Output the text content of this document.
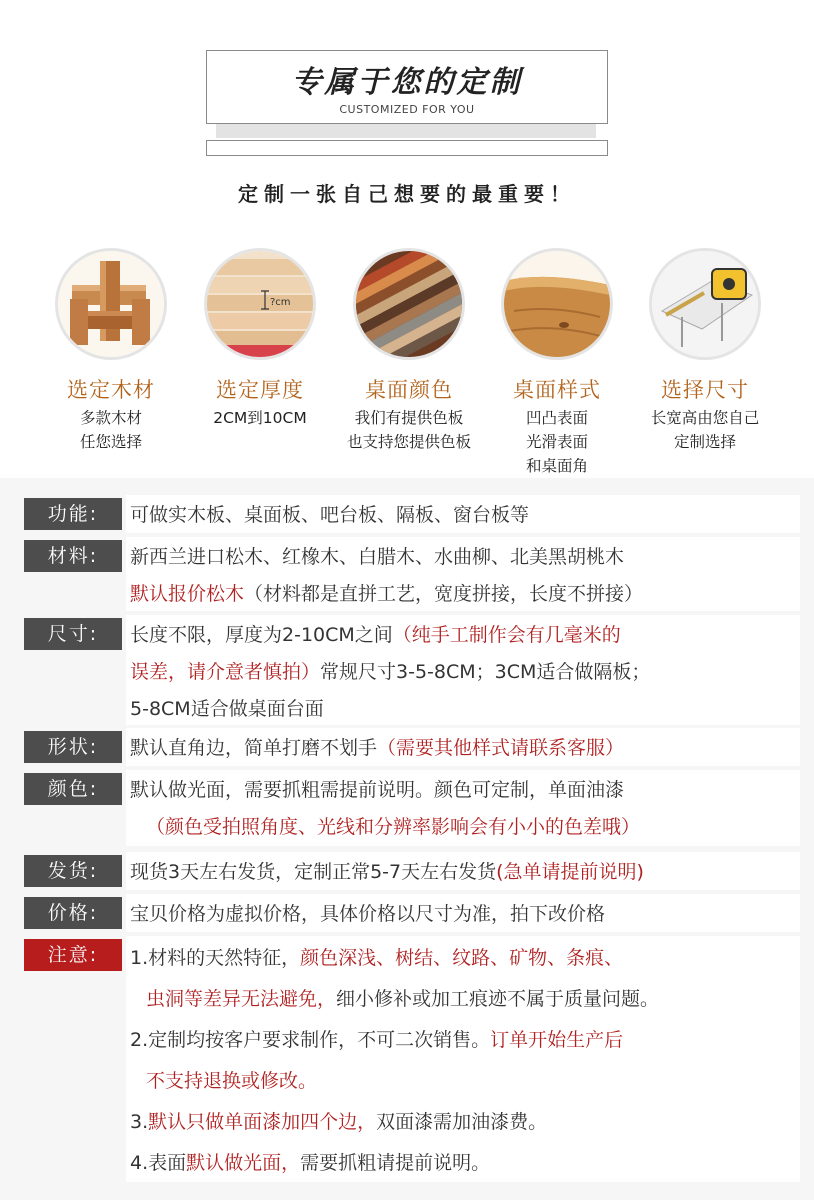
专属于您的定制
CUSTOMIZED FOR YOU
定制一张自己想要的最重要！
选定木材
多款木材
任您选择
?cm
选定厚度
2CM到10CM
桌面颜色
我们有提供色板
也支持您提供色板
桌面样式
凹凸表面
光滑表面
和桌面角
选择尺寸
长宽高由您自己
定制选择
功能:	可做实木板、桌面板、吧台板、隔板、窗台板等
材料:	新西兰进口松木、红橡木、白腊木、水曲柳、北美黑胡桃木
默认报价松木（材料都是直拼工艺，宽度拼接，长度不拼接）
尺寸:	长度不限，厚度为2-10CM之间（纯手工制作会有几毫米的
误差，请介意者慎拍）常规尺寸3-5-8CM；3CM适合做隔板；
5-8CM适合做桌面台面
形状:	默认直角边，简单打磨不划手（需要其他样式请联系客服）
颜色:	默认做光面，需要抓粗需提前说明。颜色可定制，单面油漆
（颜色受拍照角度、光线和分辨率影响会有小小的色差哦）
发货:	现货3天左右发货，定制正常5-7天左右发货(急单请提前说明)
价格:	宝贝价格为虚拟价格，具体价格以尺寸为准，拍下改价格
注意:	1.材料的天然特征，颜色深浅、树结、纹路、矿物、条痕、
虫洞等差异无法避免，细小修补或加工痕迹不属于质量问题。
2.定制均按客户要求制作，不可二次销售。订单开始生产后
不支持退换或修改。
3.默认只做单面漆加四个边，双面漆需加油漆费。
4.表面默认做光面，需要抓粗请提前说明。
